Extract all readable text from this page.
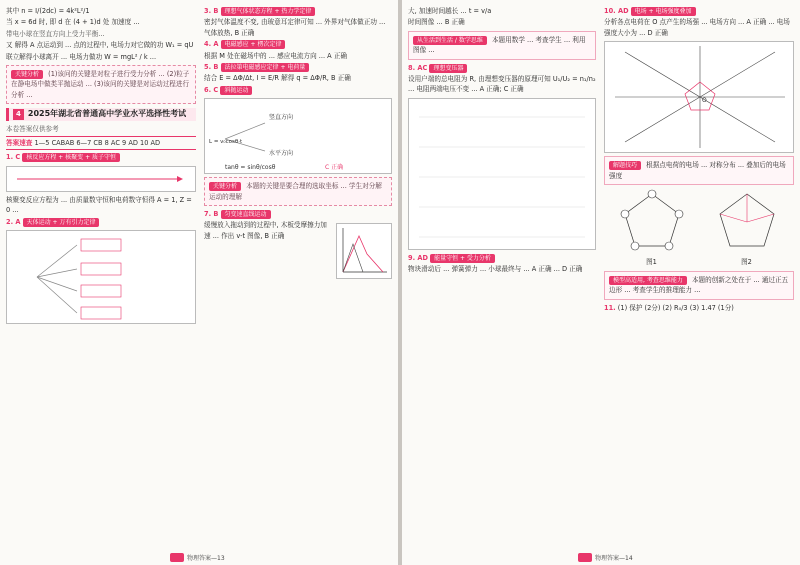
其中 n = I/(2dc) = 4k²L²/1

当 x = 6d 时, 即 d 在 (4 + 1)d 处 加速度 ...

带电小球在竖直方向上受力平衡...

又 解得 A 点运动到 ... 点的过程中, 电场力对它做的功 W₁ = qU

联立解得小球离开 ... 电场力做功 W = mgL² / k ...

关键分析 (1)该问的关键是对粒子进行受力分析 ... (2)粒子在静电场中做类平抛运动 ... (3)该问的关键是对运动过程进行分析 ...
4 2025年湖北省普通高中学业水平选择性考试

本卷答案仅供参考

答案速查 1—5 CABAB 6—7 CB 8 AC 9 AD 10 AD

1. C 核反应方程 + 核聚变 + 质子守恒

核聚变反应方程为 ... 由质量数守恒和电荷数守恒得 A = 1, Z = 0 ...

2. A 天体运动 + 万有引力定律

3. B 理想气体状态方程 + 热力学定律

密封气体温度不变, 由玻意耳定律可知 ... 外界对气体做正功 ... 气体放热, B 正确

4. A 电磁感应 + 楞次定律

根据 M 处在磁场中的 ... 感应电流方向 ... A 正确

5. B 法拉第电磁感应定律 + 电荷量

结合 E = ΔΦ/Δt, I = E/R 解得 q = ΔΦ/R, B 正确

6. C 斜抛运动

竖直方向
水平方向
L = v₀cosθ·t
tanθ = sinθ/cosθ	C 正确
关键分析 本题的关键是要合理的选取坐标 ... 学生对分解运动的理解

7. B 匀变速直线运动

缓慢放入拖动到的过程中, 木板受摩擦力加速 ... 作出 v-t 图像, B 正确

物理答案—13

大, 加速时间越长 ... t = v/a

时间图像 ... B 正确

从生活到生活 / 数学思维 本题用数学 ... 考查学生 ... 利用图像 ...

8. AC 理想变压器

设用户端的总电阻为 R, 由理想变压器的原理可知 U₁/U₂ = n₁/n₂ ... 电阻两端电压不变 ... A 正确; C 正确

9. AD 能量守恒 + 受力分析

物块滑动后 ... 弹簧弹力 ... 小球最终与 ... A 正确 ... D 正确

10. AD 电场 + 电场强度叠加

分析各点电荷在 O 点产生的场强 ... 电场方向 ... A 正确 ... 电场强度大小为 ... D 正确

O
解题技巧 根据点电荷的电场 ... 对称分布 ... 叠加后的电场强度
图1	图2
模型高适用, 考查思维能力 本题的创新之处在于 ... 通过正五边形 ... 考查学生的推理能力 ...

11. (1) 保护 (2分) (2) R₀/3 (3) 1.47 (1分)

物理答案—14
